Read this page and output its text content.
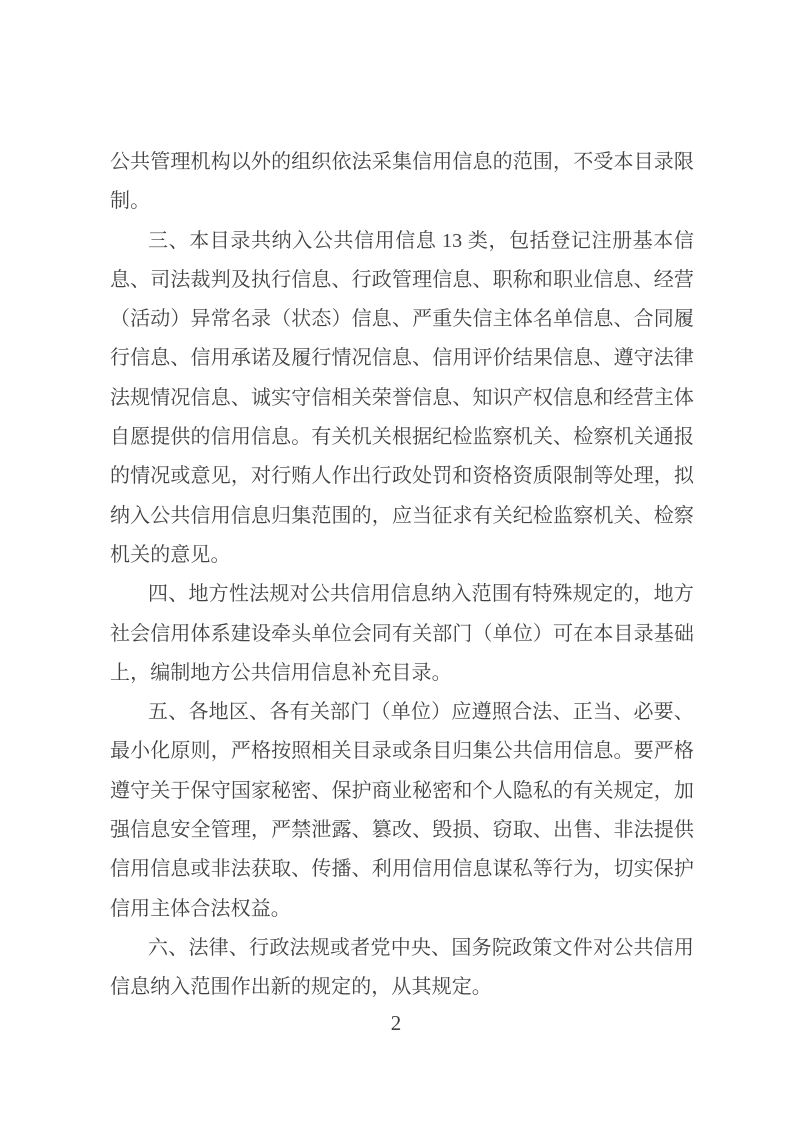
公共管理机构以外的组织依法采集信用信息的范围，不受本目录限
制。
三、本目录共纳入公共信用信息 13 类，包括登记注册基本信
息、司法裁判及执行信息、行政管理信息、职称和职业信息、经营
（活动）异常名录（状态）信息、严重失信主体名单信息、合同履
行信息、信用承诺及履行情况信息、信用评价结果信息、遵守法律
法规情况信息、诚实守信相关荣誉信息、知识产权信息和经营主体
自愿提供的信用信息。有关机关根据纪检监察机关、检察机关通报
的情况或意见，对行贿人作出行政处罚和资格资质限制等处理，拟
纳入公共信用信息归集范围的，应当征求有关纪检监察机关、检察
机关的意见。
四、地方性法规对公共信用信息纳入范围有特殊规定的，地方
社会信用体系建设牵头单位会同有关部门（单位）可在本目录基础
上，编制地方公共信用信息补充目录。
五、各地区、各有关部门（单位）应遵照合法、正当、必要、
最小化原则，严格按照相关目录或条目归集公共信用信息。要严格
遵守关于保守国家秘密、保护商业秘密和个人隐私的有关规定，加
强信息安全管理，严禁泄露、篡改、毁损、窃取、出售、非法提供
信用信息或非法获取、传播、利用信用信息谋私等行为，切实保护
信用主体合法权益。
六、法律、行政法规或者党中央、国务院政策文件对公共信用
信息纳入范围作出新的规定的，从其规定。
2
